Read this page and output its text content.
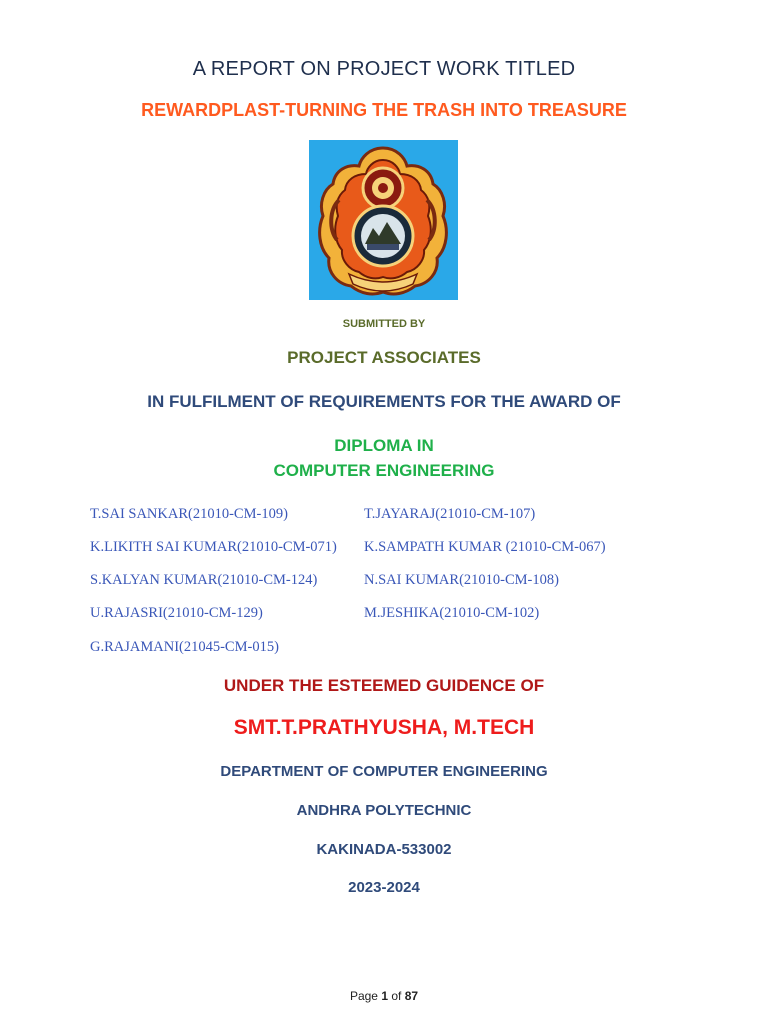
A REPORT ON PROJECT WORK TITLED
REWARDPLAST-TURNING THE TRASH INTO TREASURE
SUBMITTED BY
PROJECT ASSOCIATES
IN FULFILMENT OF REQUIREMENTS FOR THE AWARD OF
DIPLOMA IN
COMPUTER ENGINEERING
T.SAI SANKAR(21010-CM-109)	T.JAYARAJ(21010-CM-107)
K.LIKITH SAI KUMAR(21010-CM-071) K.SAMPATH KUMAR (21010-CM-067)
S.KALYAN KUMAR(21010-CM-124)	N.SAI KUMAR(21010-CM-108)
U.RAJASRI(21010-CM-129)	M.JESHIKA(21010-CM-102)
G.RAJAMANI(21045-CM-015)
UNDER THE ESTEEMED GUIDENCE OF
SMT.T.PRATHYUSHA, M.TECH
DEPARTMENT OF COMPUTER ENGINEERING
ANDHRA POLYTECHNIC
KAKINADA-533002
2023-2024
Page 1 of 87
